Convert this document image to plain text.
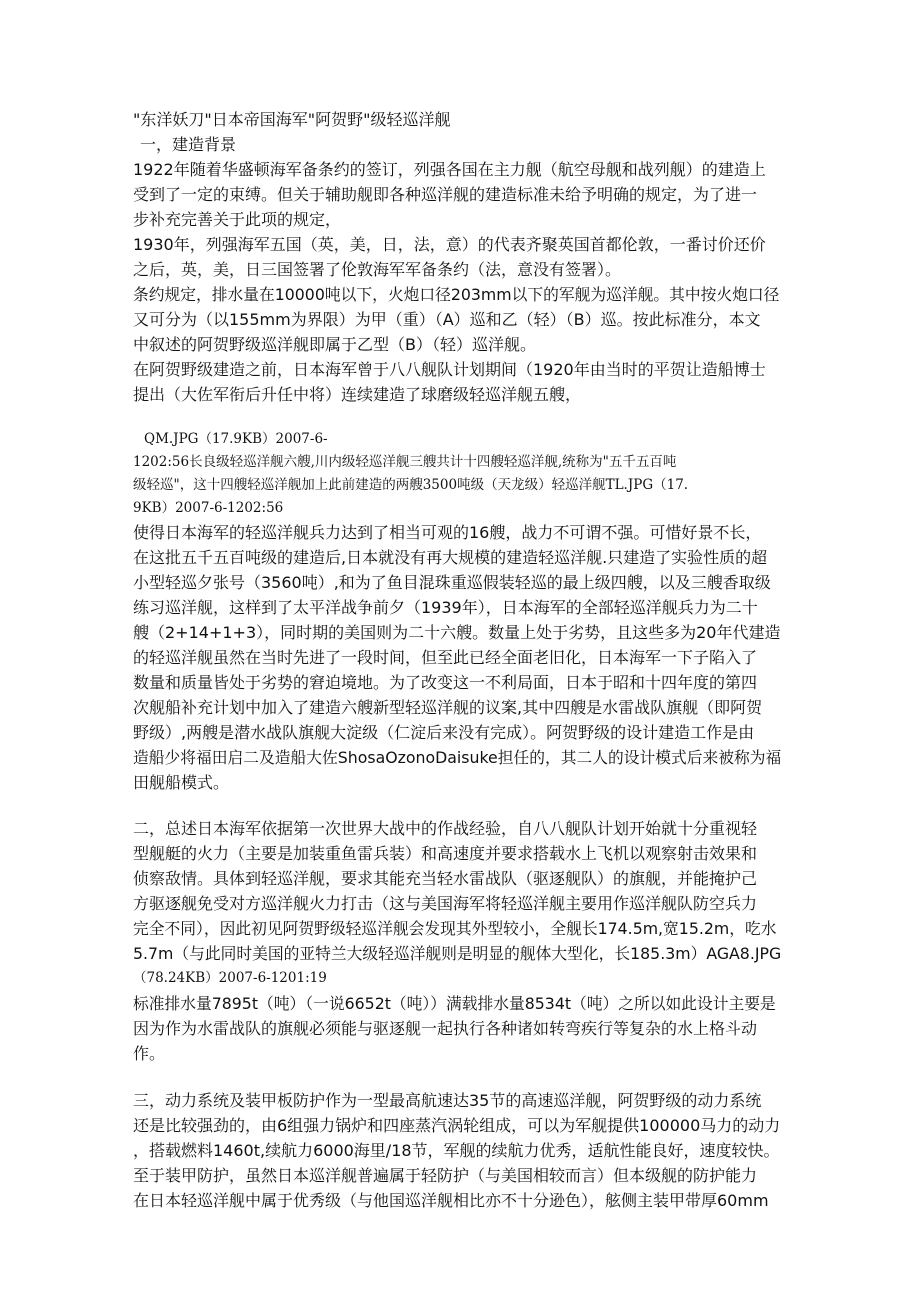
"东洋妖刀"日本帝国海军"阿贺野"级轻巡洋舰
一，建造背景
1922年随着华盛顿海军备条约的签订，列强各国在主力舰（航空母舰和战列舰）的建造上
受到了一定的束缚。但关于辅助舰即各种巡洋舰的建造标准未给予明确的规定，为了进一
步补充完善关于此项的规定，
1930年，列强海军五国（英，美，日，法，意）的代表齐聚英国首都伦敦，一番讨价还价
之后，英，美，日三国签署了伦敦海军军备条约（法，意没有签署）。
条约规定，排水量在10000吨以下，火炮口径203mm以下的军舰为巡洋舰。其中按火炮口径
又可分为（以155mm为界限）为甲（重）（A）巡和乙（轻）（B）巡。按此标准分，本文
中叙述的阿贺野级巡洋舰即属于乙型（B）（轻）巡洋舰。
在阿贺野级建造之前，日本海军曾于八八舰队计划期间（1920年由当时的平贺让造船博士
提出（大佐军衔后升任中将）连续建造了球磨级轻巡洋舰五艘，
QM.JPG（17.9KB）2007-6-
1202:56长良级轻巡洋舰六艘,川内级轻巡洋舰三艘共计十四艘轻巡洋舰,统称为"五千五百吨
级轻巡"，这十四艘轻巡洋舰加上此前建造的两艘3500吨级（天龙级）轻巡洋舰TL.JPG（17.
9KB）2007-6-1202:56
使得日本海军的轻巡洋舰兵力达到了相当可观的16艘，战力不可谓不强。可惜好景不长，
在这批五千五百吨级的建造后,日本就没有再大规模的建造轻巡洋舰.只建造了实验性质的超
小型轻巡夕张号（3560吨）,和为了鱼目混珠重巡假装轻巡的最上级四艘，以及三艘香取级
练习巡洋舰，这样到了太平洋战争前夕（1939年），日本海军的全部轻巡洋舰兵力为二十
艘（2+14+1+3），同时期的美国则为二十六艘。数量上处于劣势，且这些多为20年代建造
的轻巡洋舰虽然在当时先进了一段时间，但至此已经全面老旧化，日本海军一下子陷入了
数量和质量皆处于劣势的窘迫境地。为了改变这一不利局面，日本于昭和十四年度的第四
次舰船补充计划中加入了建造六艘新型轻巡洋舰的议案,其中四艘是水雷战队旗舰（即阿贺
野级）,两艘是潜水战队旗舰大淀级（仁淀后来没有完成）。阿贺野级的设计建造工作是由
造船少将福田启二及造船大佐ShosaOzonoDaisuke担任的，其二人的设计模式后来被称为福
田舰船模式。
二，总述日本海军依据第一次世界大战中的作战经验，自八八舰队计划开始就十分重视轻
型舰艇的火力（主要是加装重鱼雷兵装）和高速度并要求搭载水上飞机以观察射击效果和
侦察敌情。具体到轻巡洋舰，要求其能充当轻水雷战队（驱逐舰队）的旗舰，并能掩护己
方驱逐舰免受对方巡洋舰火力打击（这与美国海军将轻巡洋舰主要用作巡洋舰队防空兵力
完全不同），因此初见阿贺野级轻巡洋舰会发现其外型较小，全舰长174.5m,宽15.2m，吃水
5.7m（与此同时美国的亚特兰大级轻巡洋舰则是明显的舰体大型化，长185.3m）AGA8.JPG
（78.24KB）2007-6-1201:19
标准排水量7895t（吨）（一说6652t（吨））满载排水量8534t（吨）之所以如此设计主要是
因为作为水雷战队的旗舰必须能与驱逐舰一起执行各种诸如转弯疾行等复杂的水上格斗动
作。
三，动力系统及装甲板防护作为一型最高航速达35节的高速巡洋舰，阿贺野级的动力系统
还是比较强劲的，由6组强力锅炉和四座蒸汽涡轮组成，可以为军舰提供100000马力的动力
，搭载燃料1460t,续航力6000海里/18节，军舰的续航力优秀，适航性能良好，速度较快。
至于装甲防护，虽然日本巡洋舰普遍属于轻防护（与美国相较而言）但本级舰的防护能力
在日本轻巡洋舰中属于优秀级（与他国巡洋舰相比亦不十分逊色），舷侧主装甲带厚60mm
